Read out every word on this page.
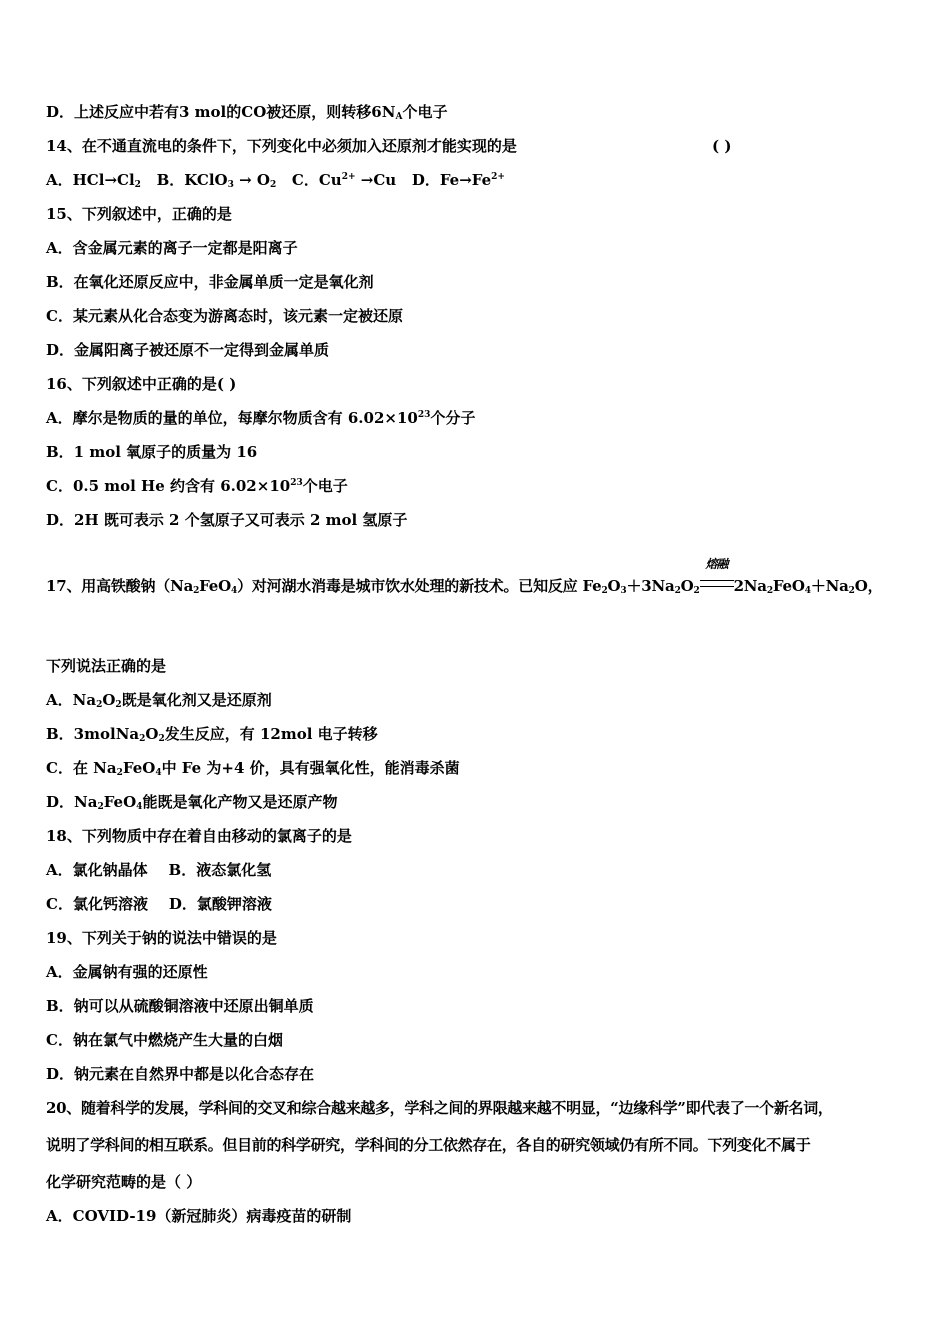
D．上述反应中若有3 mol的CO被还原，则转移$6N_A$个电子
14、在不通直流电的条件下，下列变化中必须加入还原剂才能实现的是	( )
A．$HCl\to Cl_2$ B．KClO$_3$ → $O_2$ C．$Cu^{2+} \to Cu$ D．$Fe\to Fe^{2+}$
15、下列叙述中，正确的是
A．含金属元素的离子一定都是阳离子
B．在氧化还原反应中，非金属单质一定是氧化剂
C．某元素从化合态变为游离态时，该元素一定被还原
D．金属阳离子被还原不一定得到金属单质
16、下列叙述中正确的是( )
A．摩尔是物质的量的单位，每摩尔物质含有 $6.02\times 10^{23}$个分子
B．1 mol 氧原子的质量为 16
C．0.5 mol He 约含有 $6.02\times 10^{23}$个电子
D．2H 既可表示 2 个氢原子又可表示 2 mol 氢原子
17、用高铁酸钠$(Na_2FeO_4)$对河湖水消毒是城市饮水处理的新技术。已知反应 $Fe_2O_3+3Na_2O_2$
熔融
$2Na_2FeO_4+Na_2O$，
下列说法正确的是
A．$Na_2O_2$既是氧化剂又是还原剂
B．$3molNa_2O_2$发生反应，有 12mol 电子转移
C．在 $Na_2FeO_4$中 Fe 为+4 价，具有强氧化性，能消毒杀菌
D．$Na_2FeO_4$能既是氧化产物又是还原产物
18、下列物质中存在着自由移动的氯离子的是
A．氯化钠晶体    B．液态氯化氢
C．氯化钙溶液    D．氯酸钾溶液
19、下列关于钠的说法中错误的是
A．金属钠有强的还原性
B．钠可以从硫酸铜溶液中还原出铜单质
C．钠在氯气中燃烧产生大量的白烟
D．钠元素在自然界中都是以化合态存在
20、随着科学的发展，学科间的交叉和综合越来越多，学科之间的界限越来越不明显，“边缘科学”即代表了一个新名词，
说明了学科间的相互联系。但目前的科学研究，学科间的分工依然存在，各自的研究领域仍有所不同。下列变化不属于
化学研究范畴的是（ ）
A．COVID-19（新冠肺炎）病毒疫苗的研制
